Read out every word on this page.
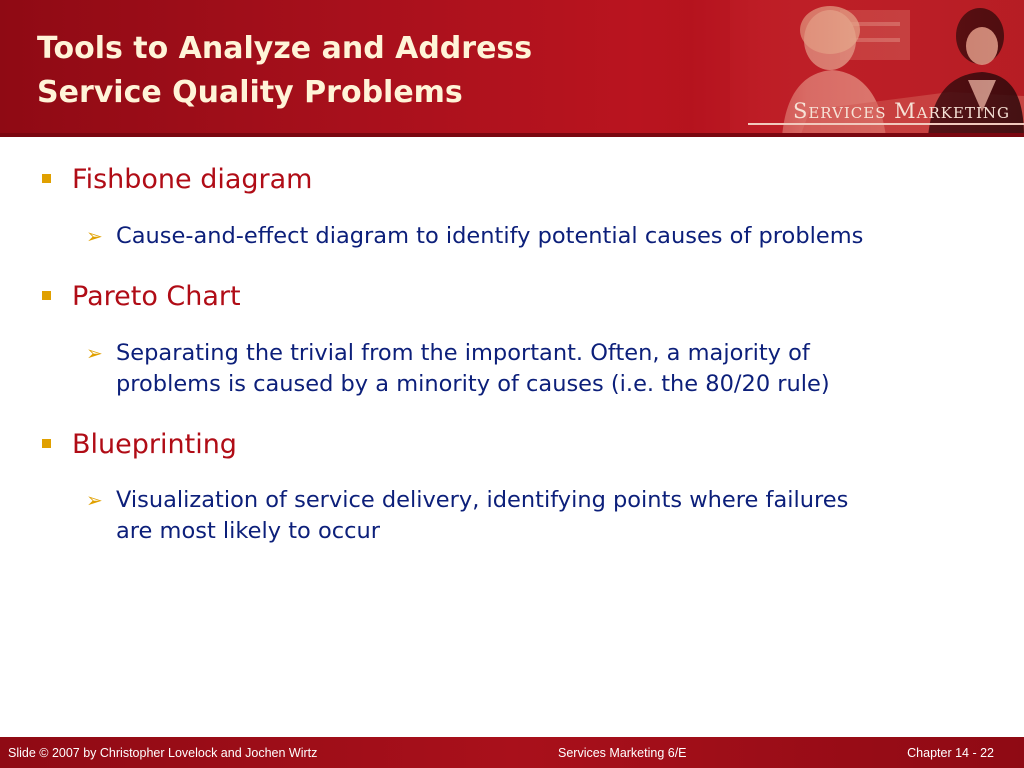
Tools to Analyze and Address
Service Quality Problems
Services Marketing
Fishbone diagram
➢ Cause-and-effect diagram to identify potential causes of problems
Pareto Chart
➢ Separating the trivial from the important. Often, a majority of
problems is caused by a minority of causes (i.e. the 80/20 rule)
Blueprinting
➢ Visualization of service delivery, identifying points where failures
are most likely to occur
Slide © 2007 by Christopher Lovelock and Jochen Wirtz	Services Marketing 6/E	Chapter 14 - 22
